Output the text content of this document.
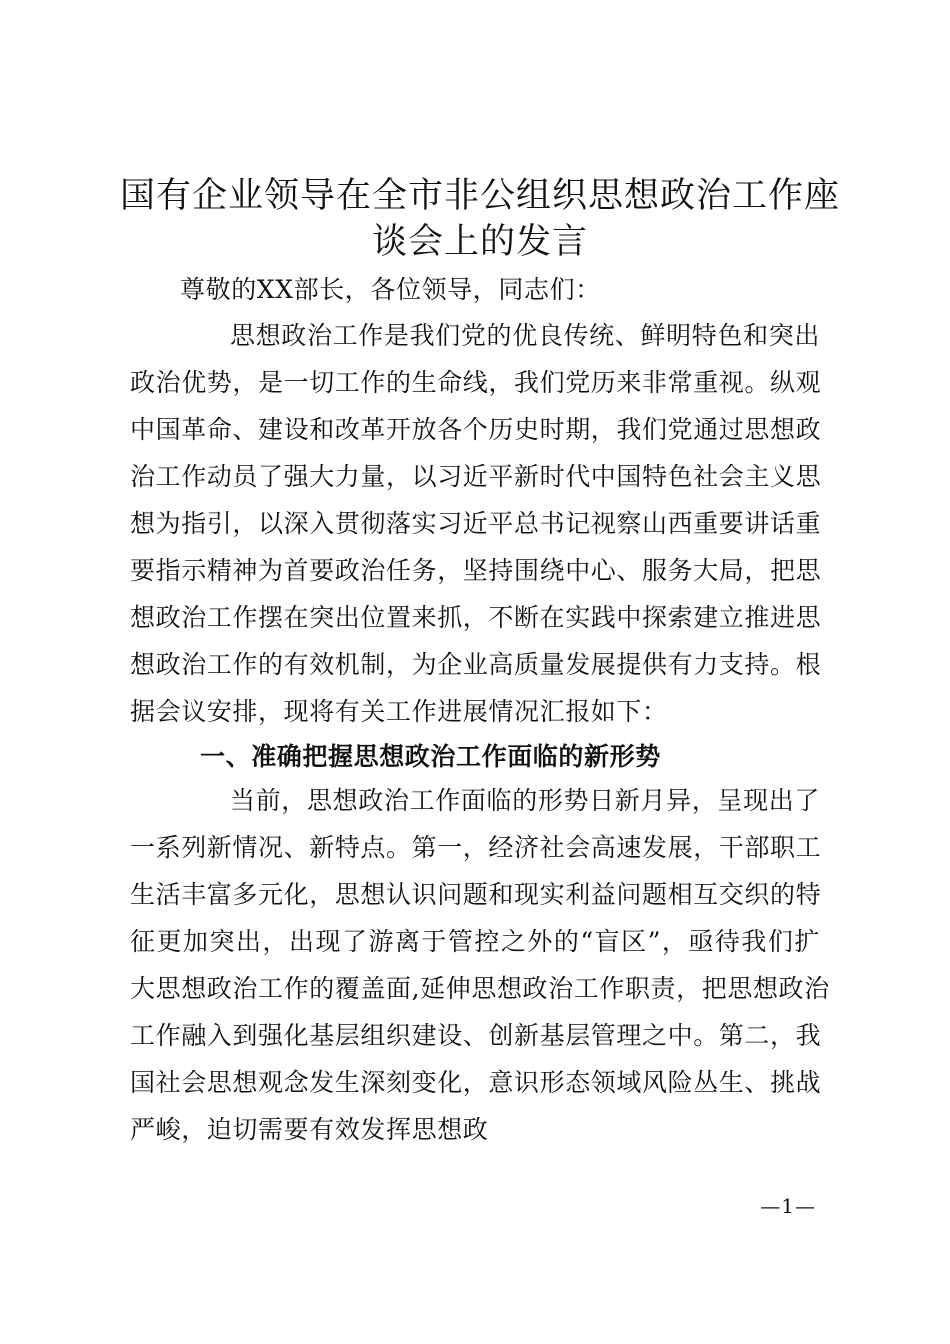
国有企业领导在全市非公组织思想政治工作座
谈会上的发言

尊敬的XX部长，各位领导，同志们：

思想政治工作是我们党的优良传统、鲜明特色和突出

政治优势，是一切工作的生命线，我们党历来非常重视。纵观

中国革命、建设和改革开放各个历史时期，我们党通过思想政

治工作动员了强大力量，以习近平新时代中国特色社会主义思

想为指引，以深入贯彻落实习近平总书记视察山西重要讲话重

要指示精神为首要政治任务，坚持围绕中心、服务大局，把思

想政治工作摆在突出位置来抓，不断在实践中探索建立推进思

想政治工作的有效机制，为企业高质量发展提供有力支持。根

据会议安排，现将有关工作进展情况汇报如下：

一、准确把握思想政治工作面临的新形势

当前，思想政治工作面临的形势日新月异，呈现出了

一系列新情况、新特点。第一，经济社会高速发展，干部职工

生活丰富多元化，思想认识问题和现实利益问题相互交织的特

征更加突出，出现了游离于管控之外的“盲区”，亟待我们扩

大思想政治工作的覆盖面,延伸思想政治工作职责，把思想政治

工作融入到强化基层组织建设、创新基层管理之中。第二，我

国社会思想观念发生深刻变化，意识形态领域风险丛生、挑战

严峻，迫切需要有效发挥思想政

—1—
